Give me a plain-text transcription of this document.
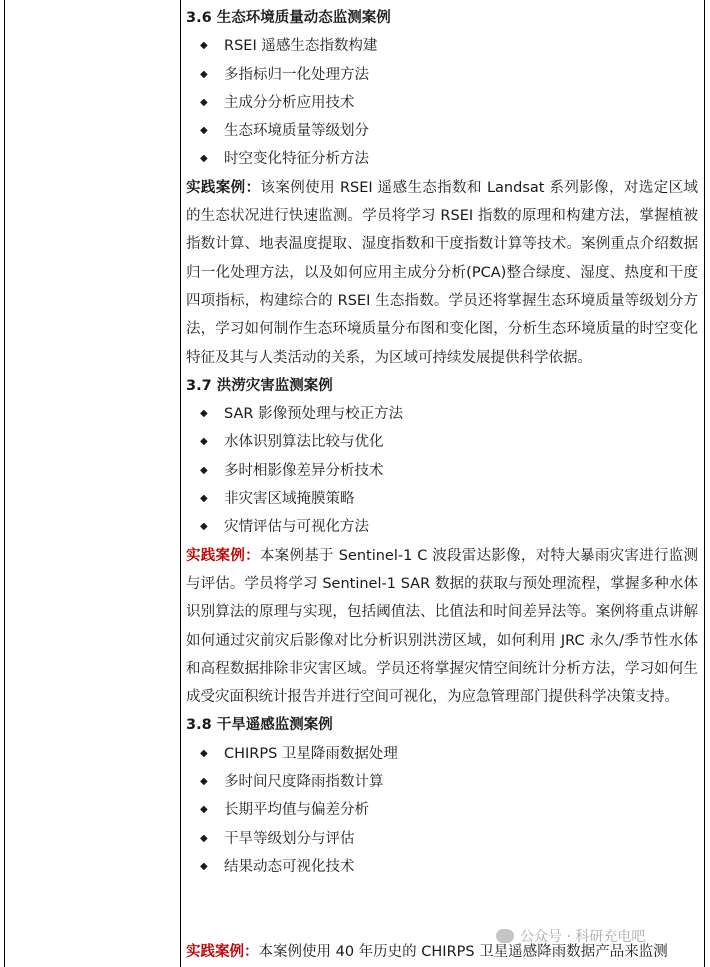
3.6 生态环境质量动态监测案例
◆ RSEI 遥感生态指数构建
◆ 多指标归一化处理方法
◆ 主成分分析应用技术
◆ 生态环境质量等级划分
◆ 时空变化特征分析方法

实践案例：该案例使用 RSEI 遥感生态指数和 Landsat 系列影像，对选定区域的生态状况进行快速监测。学员将学习 RSEI 指数的原理和构建方法，掌握植被指数计算、地表温度提取、湿度指数和干度指数计算等技术。案例重点介绍数据归一化处理方法，以及如何应用主成分分析(PCA)整合绿度、湿度、热度和干度四项指标，构建综合的 RSEI 生态指数。学员还将掌握生态环境质量等级划分方法，学习如何制作生态环境质量分布图和变化图，分析生态环境质量的时空变化特征及其与人类活动的关系，为区域可持续发展提供科学依据。

3.7 洪涝灾害监测案例
◆ SAR 影像预处理与校正方法
◆ 水体识别算法比较与优化
◆ 多时相影像差异分析技术
◆ 非灾害区域掩膜策略
◆ 灾情评估与可视化方法

实践案例：本案例基于 Sentinel-1 C 波段雷达影像，对特大暴雨灾害进行监测与评估。学员将学习 Sentinel-1 SAR 数据的获取与预处理流程，掌握多种水体识别算法的原理与实现，包括阈值法、比值法和时间差异法等。案例将重点讲解如何通过灾前灾后影像对比分析识别洪涝区域，如何利用 JRC 永久/季节性水体和高程数据排除非灾害区域。学员还将掌握灾情空间统计分析方法，学习如何生成受灾面积统计报告并进行空间可视化，为应急管理部门提供科学决策支持。

3.8 干旱遥感监测案例
◆ CHIRPS 卫星降雨数据处理
◆ 多时间尺度降雨指数计算
◆ 长期平均值与偏差分析
◆ 干旱等级划分与评估
◆ 结果动态可视化技术
实践案例：本案例使用 40 年历史的 CHIRPS 卫星遥感降雨数据产品来监测
公众号 · 科研充电吧
